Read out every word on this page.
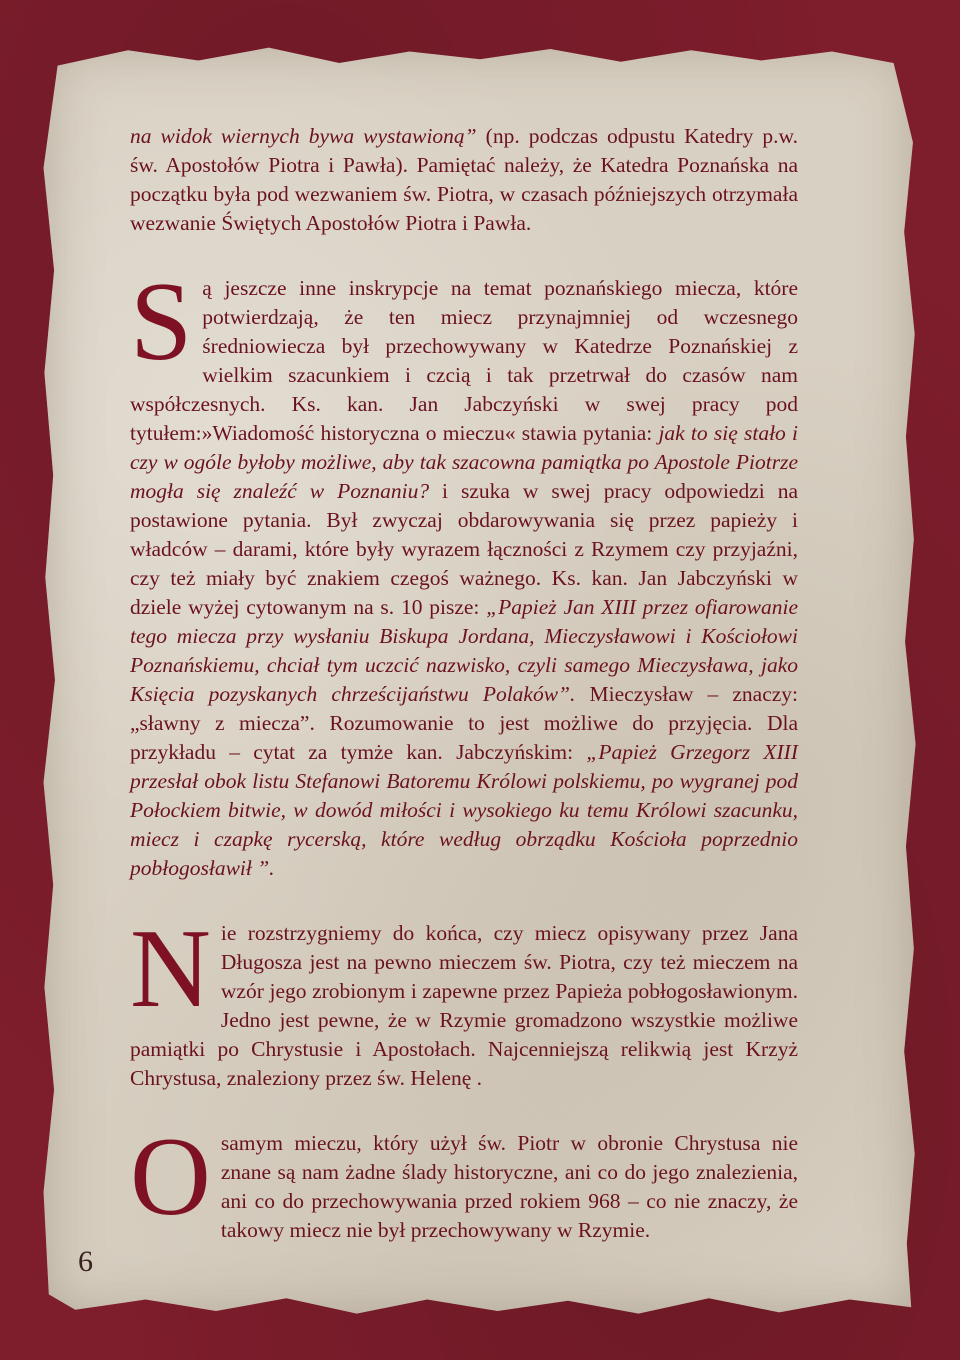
na widok wiernych bywa wystawioną” (np. podczas odpustu Katedry p.w. św. Apostołów Piotra i Pawła). Pamiętać należy, że Katedra Poznańska na początku była pod wezwaniem św. Piotra, w czasach późniejszych otrzymała wezwanie Świętych Apostołów Piotra i Pawła.

Są jeszcze inne inskrypcje na temat poznańskiego miecza, które potwierdzają, że ten miecz przynajmniej od wczesnego średniowiecza był przechowywany w Katedrze Poznańskiej z wielkim szacunkiem i czcią i tak przetrwał do czasów nam współczesnych. Ks. kan. Jan Jabczyński w swej pracy pod tytułem:»Wiadomość historyczna o mieczu« stawia pytania: jak to się stało i czy w ogóle byłoby możliwe, aby tak szacowna pamiątka po Apostole Piotrze mogła się znaleźć w Poznaniu? i szuka w swej pracy odpowiedzi na postawione pytania. Był zwyczaj obdarowywania się przez papieży i władców – darami, które były wyrazem łączności z Rzymem czy przyjaźni, czy też miały być znakiem czegoś ważnego. Ks. kan. Jan Jabczyński w dziele wyżej cytowanym na s. 10 pisze: „Papież Jan XIII przez ofiarowanie tego miecza przy wysłaniu Biskupa Jordana, Mieczysławowi i Kościołowi Poznańskiemu, chciał tym uczcić nazwisko, czyli samego Mieczysława, jako Księcia pozyskanych chrześcijaństwu Polaków”. Mieczysław – znaczy: „sławny z miecza”. Rozumowanie to jest możliwe do przyjęcia. Dla przykładu – cytat za tymże kan. Jabczyńskim: „Papież Grzegorz XIII przesłał obok listu Stefanowi Batoremu Królowi polskiemu, po wygranej pod Połockiem bitwie, w dowód miłości i wysokiego ku temu Królowi szacunku, miecz i czapkę rycerską, które według obrządku Kościoła poprzednio pobłogosławił ”.

Nie rozstrzygniemy do końca, czy miecz opisywany przez Jana Długosza jest na pewno mieczem św. Piotra, czy też mieczem na wzór jego zrobionym i zapewne przez Papieża pobłogosławionym. Jedno jest pewne, że w Rzymie gromadzono wszystkie możliwe pamiątki po Chrystusie i Apostołach. Najcenniejszą relikwią jest Krzyż Chrystusa, znaleziony przez św. Helenę .

Osamym mieczu, który użył św. Piotr w obronie Chrystusa nie znane są nam żadne ślady historyczne, ani co do jego znalezienia, ani co do przechowywania przed rokiem 968 – co nie znaczy, że takowy miecz nie był przechowywany w Rzymie.

6
